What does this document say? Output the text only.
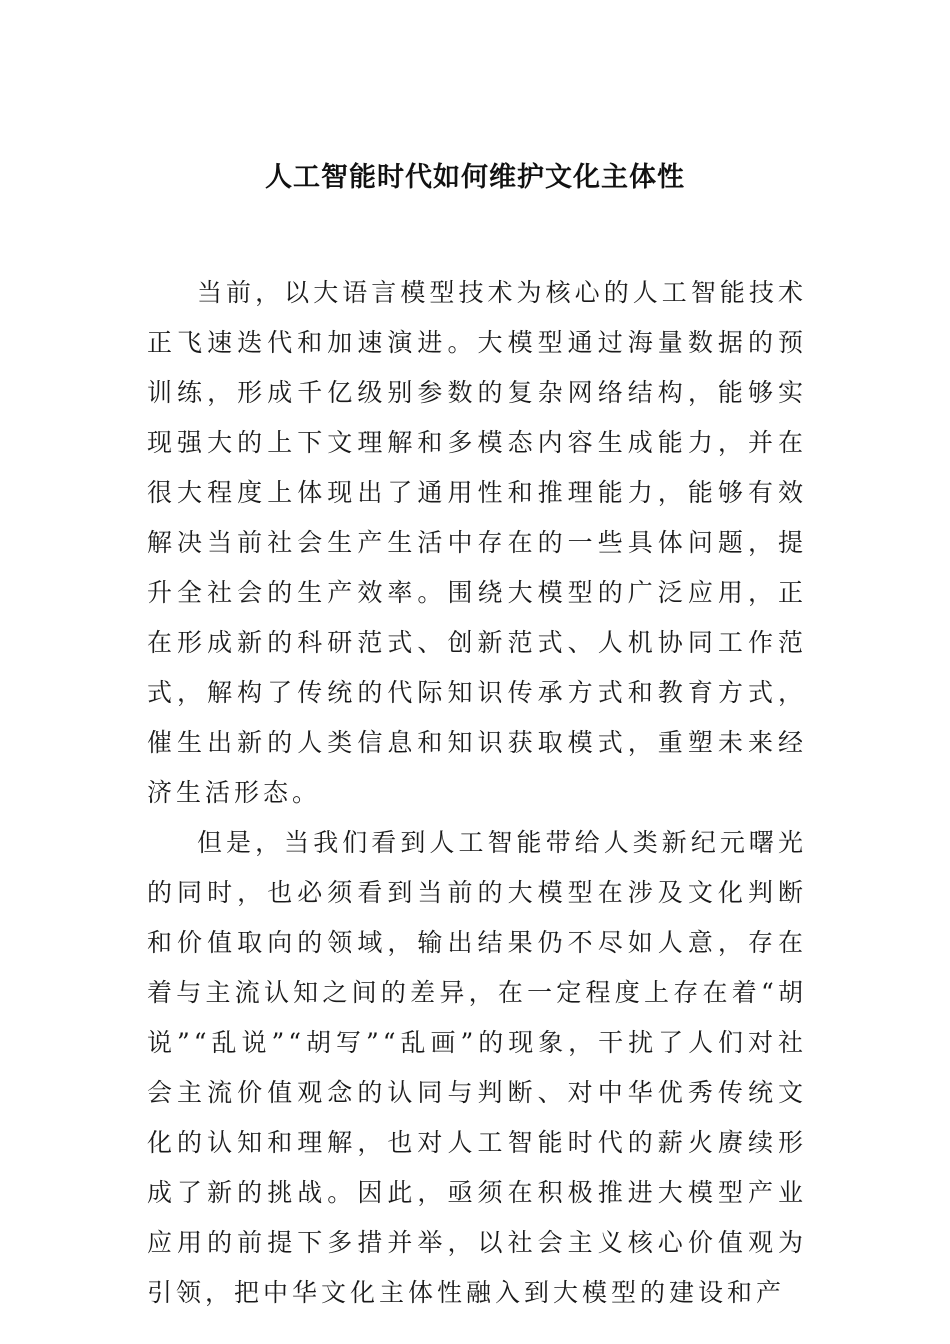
人工智能时代如何维护文化主体性

当前，以大语言模型技术为核心的人工智能技术正飞速迭代和加速演进。大模型通过海量数据的预训练，形成千亿级别参数的复杂网络结构，能够实现强大的上下文理解和多模态内容生成能力，并在很大程度上体现出了通用性和推理能力，能够有效解决当前社会生产生活中存在的一些具体问题，提升全社会的生产效率。围绕大模型的广泛应用，正在形成新的科研范式、创新范式、人机协同工作范式，解构了传统的代际知识传承方式和教育方式，催生出新的人类信息和知识获取模式，重塑未来经济生活形态。

但是，当我们看到人工智能带给人类新纪元曙光的同时，也必须看到当前的大模型在涉及文化判断和价值取向的领域，输出结果仍不尽如人意，存在着与主流认知之间的差异，在一定程度上存在着“胡说”“乱说”“胡写”“乱画”的现象，干扰了人们对社会主流价值观念的认同与判断、对中华优秀传统文化的认知和理解，也对人工智能时代的薪火赓续形成了新的挑战。因此，亟须在积极推进大模型产业应用的前提下多措并举，以社会主义核心价值观为引领，把中华文化主体性融入到大模型的建设和产
